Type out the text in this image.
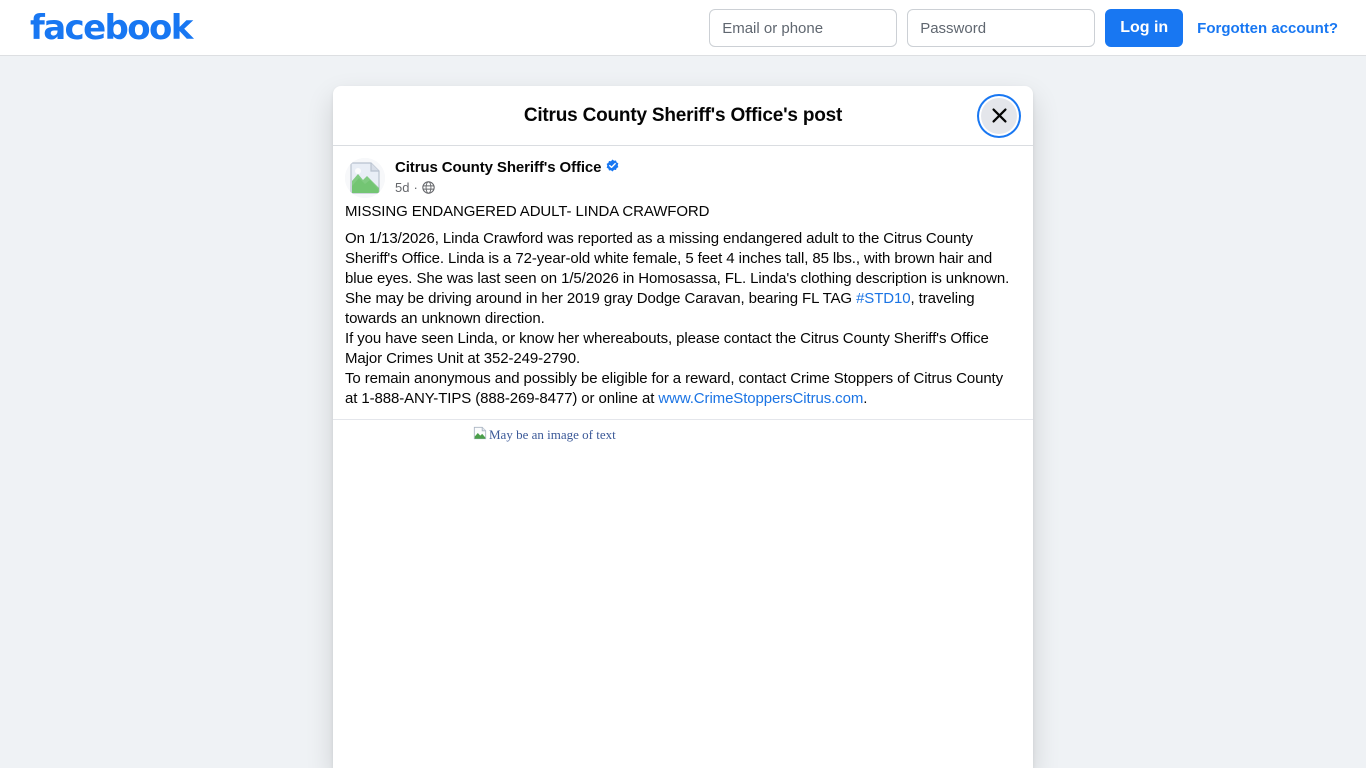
facebook
Email or phone	Log in	Forgotten account?
Citrus County Sheriff's Office's post
Citrus County Sheriff's Office
5d ·

MISSING ENDANGERED ADULT- LINDA CRAWFORD

On 1/13/2026, Linda Crawford was reported as a missing endangered adult to the Citrus County Sheriff's Office. Linda is a 72-year-old white female, 5 feet 4 inches tall, 85 lbs., with brown hair and blue eyes. She was last seen on 1/5/2026 in Homosassa, FL. Linda's clothing description is unknown. She may be driving around in her 2019 gray Dodge Caravan, bearing FL TAG #STD10, traveling towards an unknown direction.

If you have seen Linda, or know her whereabouts, please contact the Citrus County Sheriff's Office Major Crimes Unit at 352-249-2790.

To remain anonymous and possibly be eligible for a reward, contact Crime Stoppers of Citrus County at 1-888-ANY-TIPS (888-269-8477) or online at www.CrimeStoppersCitrus.com.

May be an image of text
